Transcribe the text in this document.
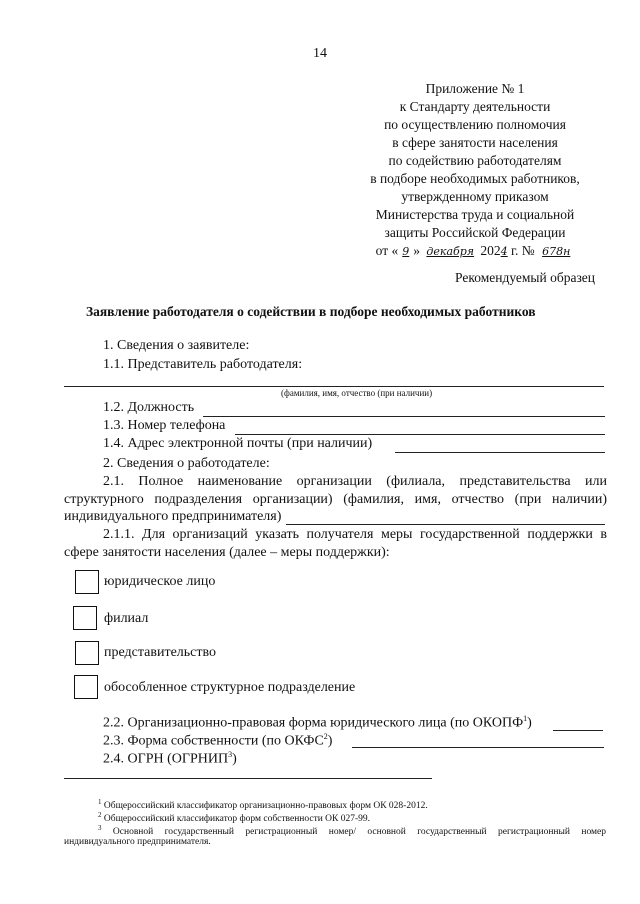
14
Приложение № 1
к Стандарту деятельности
по осуществлению полномочия
в сфере занятости населения
по содействию работодателям
в подборе необходимых работников,
утвержденному приказом
Министерства труда и социальной
защиты Российской Федерации
от « 9 » декабря 2024 г. № 678н
Рекомендуемый образец
Заявление работодателя о содействии в подборе необходимых работников
1. Сведения о заявителе:
1.1. Представитель работодателя:
(фамилия, имя, отчество (при наличии)
1.2. Должность
1.3. Номер телефона
1.4. Адрес электронной почты (при наличии)
2. Сведения о работодателе:
2.1. Полное наименование организации (филиала, представительства или
структурного подразделения организации) (фамилия, имя, отчество (при наличии)
индивидуального предпринимателя)
2.1.1. Для организаций указать получателя меры государственной поддержки в
сфере занятости населения (далее – меры поддержки):
юридическое лицо
филиал
представительство
обособленное структурное подразделение
2.2. Организационно-правовая форма юридического лица (по ОКОПФ$^1$)
2.3. Форма собственности (по ОКФС$^2$)
2.4. ОГРН (ОГРНИП$^3$)
$^1$ Общероссийский классификатор организационно-правовых форм ОК 028-2012.
$^2$ Общероссийский классификатор форм собственности ОК 027-99.
$^3$ Основной государственный регистрационный номер/ основной государственный регистрационный номер
индивидуального предпринимателя.
